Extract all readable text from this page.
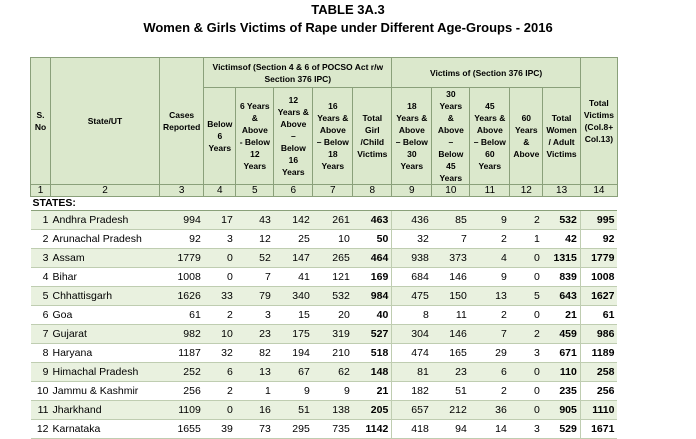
TABLE 3A.3
Women & Girls Victims of Rape under Different Age-Groups - 2016
S. No	State/UT	Cases Reported	Victimsof (Section 4 & 6 of POCSO Act r/w Section 376 IPC)					Victims of (Section 376 IPC)					Total Victims (Col.8+ Col.13)
			Below 6 Years	6 Years & Above - Below 12 Years	12 Years & Above – Below 16 Years	16 Years & Above – Below 18 Years	Total Girl /Child Victims	18 Years & Above – Below 30 Years	30 Years & Above – Below 45 Years	45 Years & Above – Below 60 Years	60 Years & Above	Total Women / Adult Victims	
1	2	3	4	5	6	7	8	9	10	11	12	13	14
STATES:													
1	Andhra Pradesh	994	17	43	142	261	463	436	85	9	2	532	995
2	Arunachal Pradesh	92	3	12	25	10	50	32	7	2	1	42	92
3	Assam	1779	0	52	147	265	464	938	373	4	0	1315	1779
4	Bihar	1008	0	7	41	121	169	684	146	9	0	839	1008
5	Chhattisgarh	1626	33	79	340	532	984	475	150	13	5	643	1627
6	Goa	61	2	3	15	20	40	8	11	2	0	21	61
7	Gujarat	982	10	23	175	319	527	304	146	7	2	459	986
8	Haryana	1187	32	82	194	210	518	474	165	29	3	671	1189
9	Himachal Pradesh	252	6	13	67	62	148	81	23	6	0	110	258
10	Jammu & Kashmir	256	2	1	9	9	21	182	51	2	0	235	256
11	Jharkhand	1109	0	16	51	138	205	657	212	36	0	905	1110
12	Karnataka	1655	39	73	295	735	1142	418	94	14	3	529	1671
